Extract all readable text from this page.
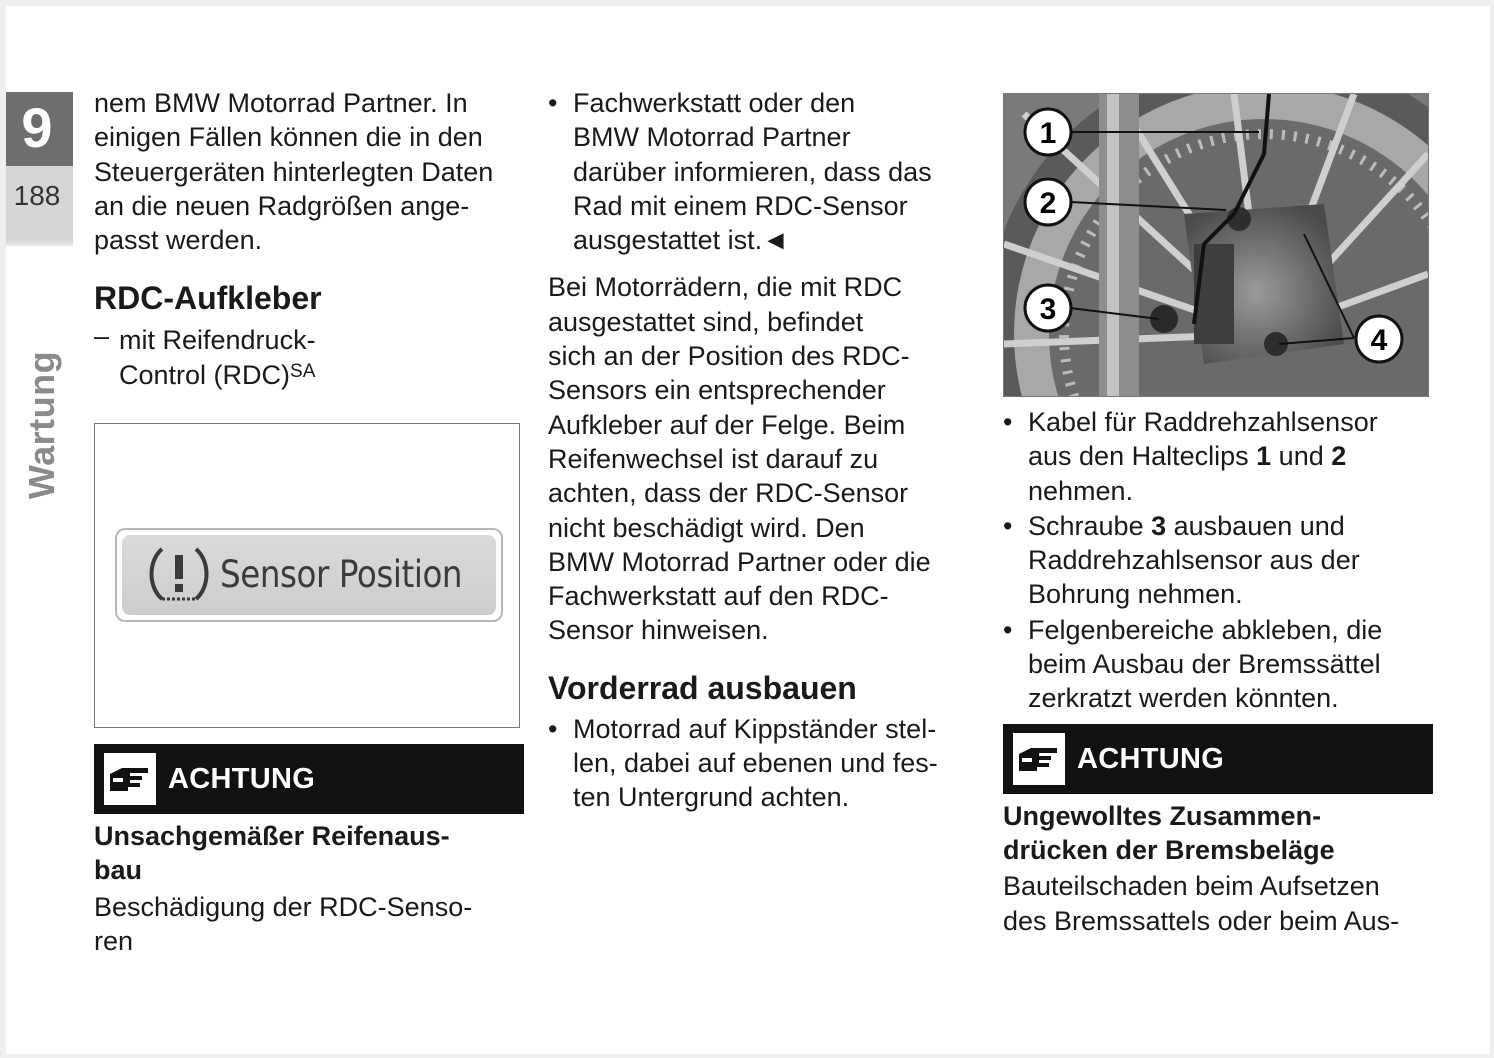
9
188
Wartung

nem BMW Motorrad Partner. In
einigen Fällen können die in den
Steuergeräten hinterlegten Daten
an die neuen Radgrößen ange-
passt werden.

RDC-Aufkleber
– mit Reifendruck-
Control (RDC)$^{SA}$
Sensor Position
ACHTUNG

Unsachgemäßer Reifenaus-
bau

Beschädigung der RDC-Senso-
ren

• Fachwerkstatt oder den
BMW Motorrad Partner
darüber informieren, dass das
Rad mit einem RDC-Sensor
ausgestattet ist.◄

Bei Motorrädern, die mit RDC
ausgestattet sind, befindet
sich an der Position des RDC-
Sensors ein entsprechender
Aufkleber auf der Felge. Beim
Reifenwechsel ist darauf zu
achten, dass der RDC-Sensor
nicht beschädigt wird. Den
BMW Motorrad Partner oder die
Fachwerkstatt auf den RDC-
Sensor hinweisen.

Vorderrad ausbauen
• Motorrad auf Kippständer stel-
len, dabei auf ebenen und fes-
ten Untergrund achten.
1
2
3
4
• Kabel für Raddrehzahlsensor
aus den Halteclips 1 und 2
nehmen.
• Schraube 3 ausbauen und
Raddrehzahlsensor aus der
Bohrung nehmen.
• Felgenbereiche abkleben, die
beim Ausbau der Bremssättel
zerkratzt werden könnten.
ACHTUNG

Ungewolltes Zusammen-
drücken der Bremsbeläge

Bauteilschaden beim Aufsetzen
des Bremssattels oder beim Aus-
